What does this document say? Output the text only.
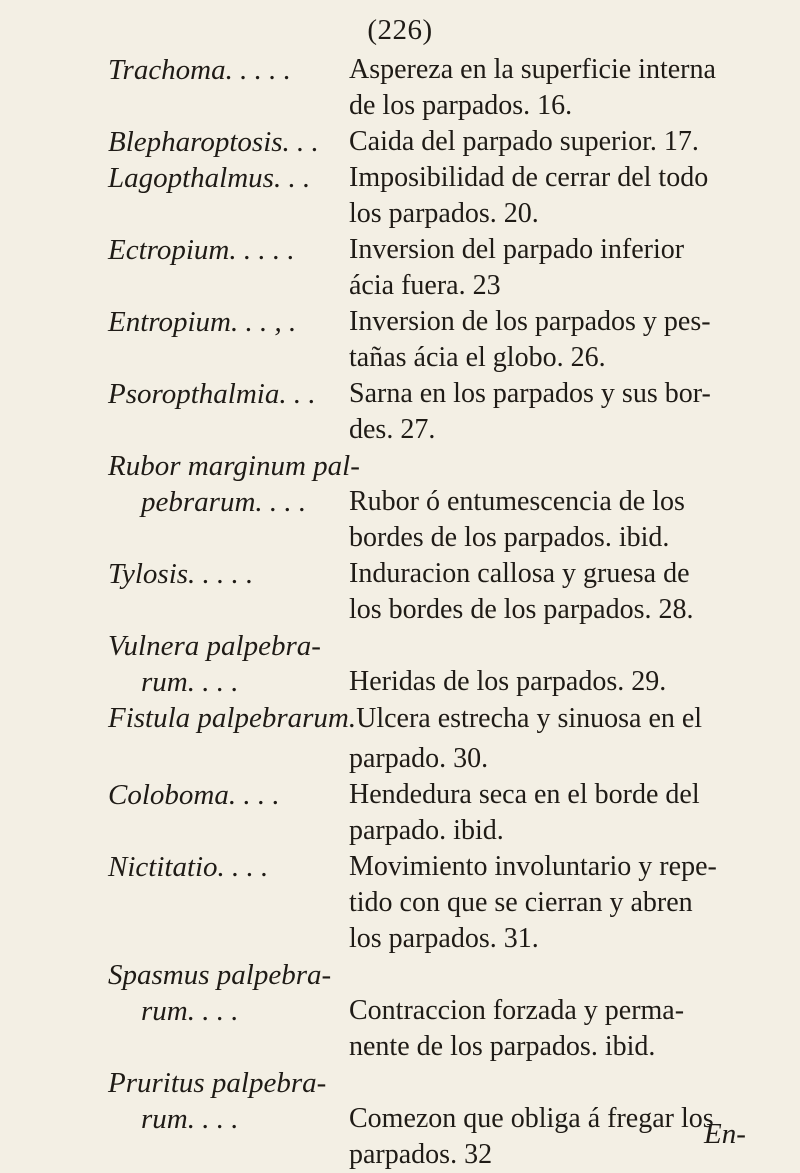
(226)
Trachoma. . . . . Aspereza en la superficie interna
de los parpados. 16.
Blepharoptosis. . . Caida del parpado superior. 17.
Lagopthalmus. . . Imposibilidad de cerrar del todo
los parpados. 20.
Ectropium. . . . . Inversion del parpado inferior
ácia fuera. 23
Entropium. . . , . Inversion de los parpados y pes-
tañas ácia el globo. 26.
Psoropthalmia. . . Sarna en los parpados y sus bor-
des. 27.
Rubor marginum pal-
pebrarum. . . . Rubor ó entumescencia de los
bordes de los parpados. ibid.
Tylosis. . . . .	Induracion callosa y gruesa de
los bordes de los parpados. 28.
Vulnera palpebra-
rum. . . .	Heridas de los parpados. 29.
Fistula palpebrarum.Ulcera estrecha y sinuosa en el
parpado. 30.
Coloboma. . . . Hendedura seca en el borde del
parpado. ibid.
Nictitatio. . . .	Movimiento involuntario y repe-
tido con que se cierran y abren
los parpados. 31.
Spasmus palpebra-
rum. . . .	Contraccion forzada y perma-
nente de los parpados. ibid.
Pruritus palpebra-
rum. . . .	Comezon que obliga á fregar los
parpados. 32
En-
